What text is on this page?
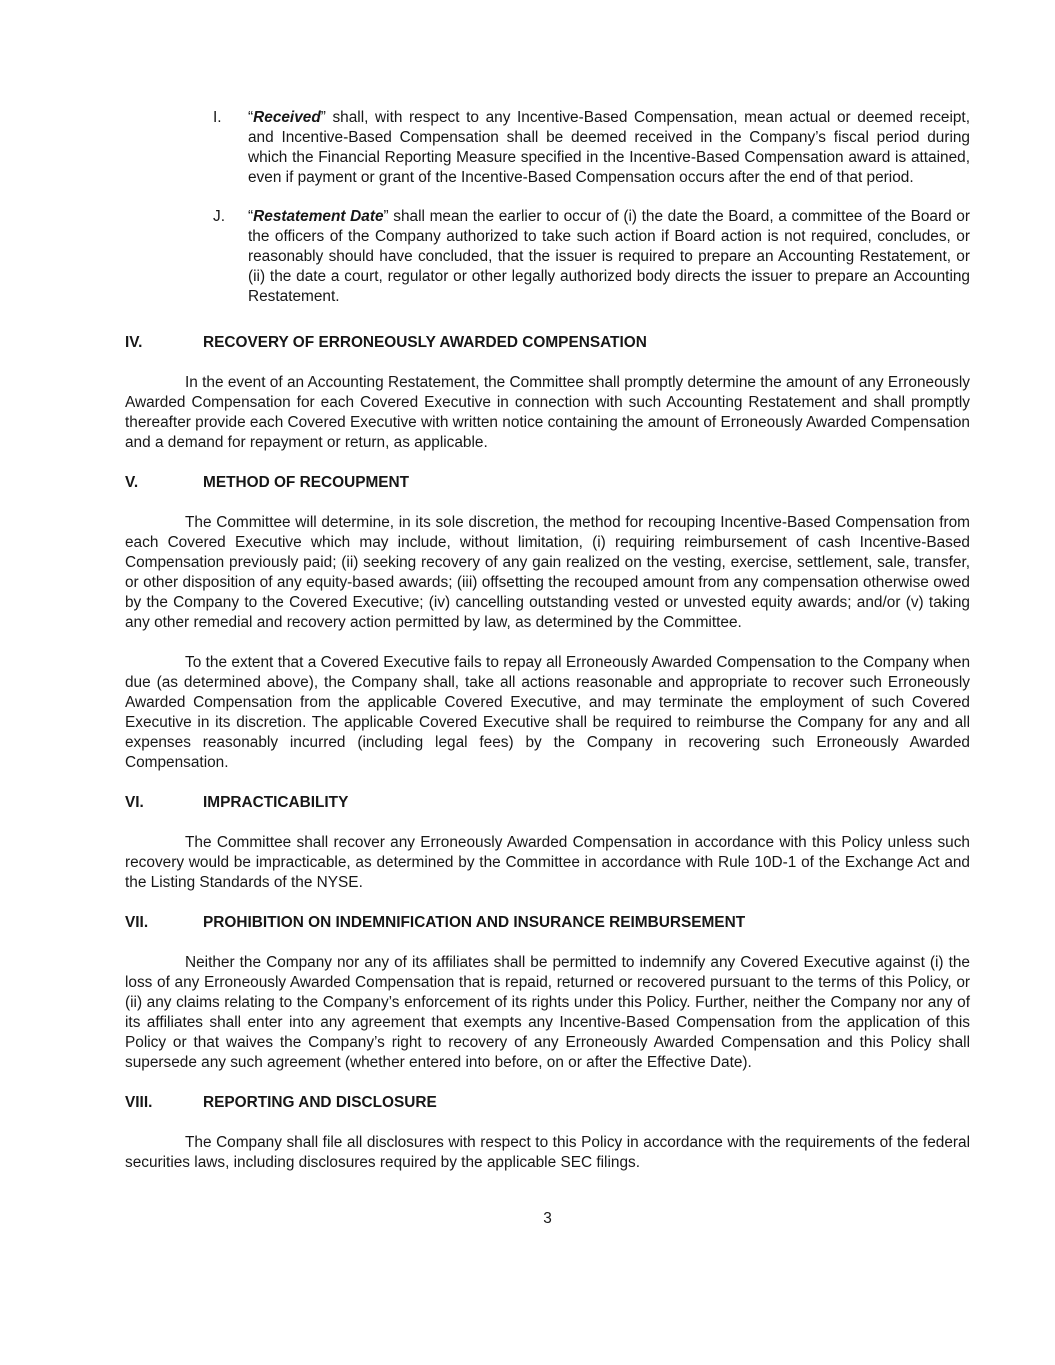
I. “Received” shall, with respect to any Incentive-Based Compensation, mean actual or deemed receipt, and Incentive-Based Compensation shall be deemed received in the Company’s fiscal period during which the Financial Reporting Measure specified in the Incentive-Based Compensation award is attained, even if payment or grant of the Incentive-Based Compensation occurs after the end of that period.
J. “Restatement Date” shall mean the earlier to occur of (i) the date the Board, a committee of the Board or the officers of the Company authorized to take such action if Board action is not required, concludes, or reasonably should have concluded, that the issuer is required to prepare an Accounting Restatement, or (ii) the date a court, regulator or other legally authorized body directs the issuer to prepare an Accounting Restatement.
IV.	RECOVERY OF ERRONEOUSLY AWARDED COMPENSATION

In the event of an Accounting Restatement, the Committee shall promptly determine the amount of any Erroneously Awarded Compensation for each Covered Executive in connection with such Accounting Restatement and shall promptly thereafter provide each Covered Executive with written notice containing the amount of Erroneously Awarded Compensation and a demand for repayment or return, as applicable.

V.	METHOD OF RECOUPMENT

The Committee will determine, in its sole discretion, the method for recouping Incentive-Based Compensation from each Covered Executive which may include, without limitation, (i) requiring reimbursement of cash Incentive-Based Compensation previously paid; (ii) seeking recovery of any gain realized on the vesting, exercise, settlement, sale, transfer, or other disposition of any equity-based awards; (iii) offsetting the recouped amount from any compensation otherwise owed by the Company to the Covered Executive; (iv) cancelling outstanding vested or unvested equity awards; and/or (v) taking any other remedial and recovery action permitted by law, as determined by the Committee.

To the extent that a Covered Executive fails to repay all Erroneously Awarded Compensation to the Company when due (as determined above), the Company shall, take all actions reasonable and appropriate to recover such Erroneously Awarded Compensation from the applicable Covered Executive, and may terminate the employment of such Covered Executive in its discretion. The applicable Covered Executive shall be required to reimburse the Company for any and all expenses reasonably incurred (including legal fees) by the Company in recovering such Erroneously Awarded Compensation.

VI.	IMPRACTICABILITY

The Committee shall recover any Erroneously Awarded Compensation in accordance with this Policy unless such recovery would be impracticable, as determined by the Committee in accordance with Rule 10D-1 of the Exchange Act and the Listing Standards of the NYSE.

VII.	PROHIBITION ON INDEMNIFICATION AND INSURANCE REIMBURSEMENT

Neither the Company nor any of its affiliates shall be permitted to indemnify any Covered Executive against (i) the loss of any Erroneously Awarded Compensation that is repaid, returned or recovered pursuant to the terms of this Policy, or (ii) any claims relating to the Company’s enforcement of its rights under this Policy. Further, neither the Company nor any of its affiliates shall enter into any agreement that exempts any Incentive-Based Compensation from the application of this Policy or that waives the Company’s right to recovery of any Erroneously Awarded Compensation and this Policy shall supersede any such agreement (whether entered into before, on or after the Effective Date).

VIII.	REPORTING AND DISCLOSURE

The Company shall file all disclosures with respect to this Policy in accordance with the requirements of the federal securities laws, including disclosures required by the applicable SEC filings.

3
